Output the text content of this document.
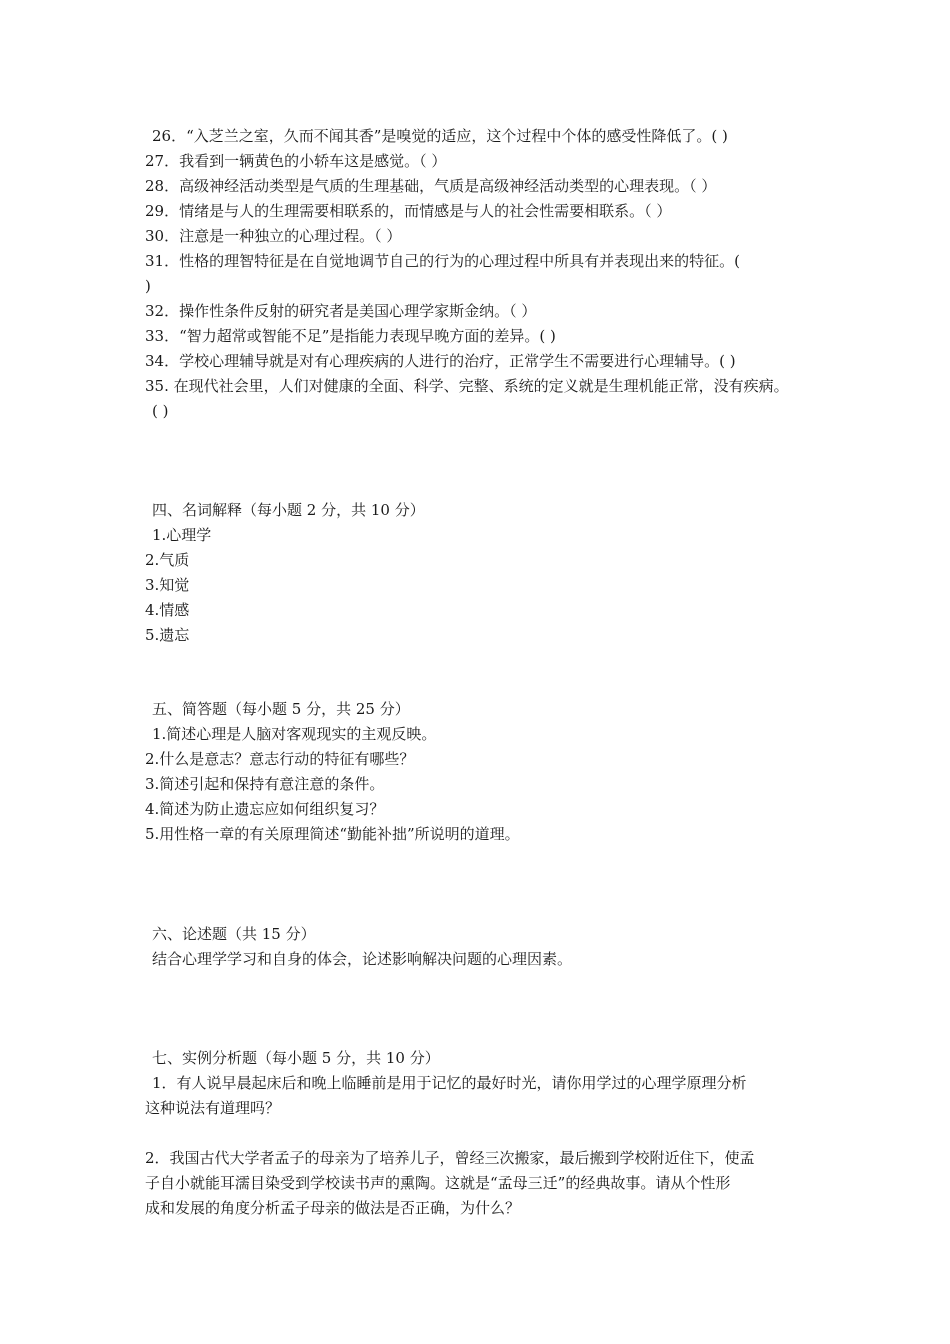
26．“入芝兰之室，久而不闻其香”是嗅觉的适应，这个过程中个体的感受性降低了。( )
27．我看到一辆黄色的小轿车这是感觉。（ ）
28．高级神经活动类型是气质的生理基础，气质是高级神经活动类型的心理表现。（ ）
29．情绪是与人的生理需要相联系的，而情感是与人的社会性需要相联系。（ ）
30．注意是一种独立的心理过程。（ ）
31．性格的理智特征是在自觉地调节自己的行为的心理过程中所具有并表现出来的特征。(
)
32．操作性条件反射的研究者是美国心理学家斯金纳。（ ）
33．“智力超常或智能不足”是指能力表现早晚方面的差异。( )
34．学校心理辅导就是对有心理疾病的人进行的治疗，正常学生不需要进行心理辅导。( )
35. 在现代社会里，人们对健康的全面、科学、完整、系统的定义就是生理机能正常，没有疾病。
( )
四、名词解释（每小题 2 分，共 10 分）
1.心理学
2.气质
3.知觉
4.情感
5.遗忘
五、简答题（每小题 5 分，共 25 分）
1.简述心理是人脑对客观现实的主观反映。
2.什么是意志？意志行动的特征有哪些？
3.简述引起和保持有意注意的条件。
4.简述为防止遗忘应如何组织复习？
5.用性格一章的有关原理简述“勤能补拙”所说明的道理。
六、论述题（共 15 分）
结合心理学学习和自身的体会，论述影响解决问题的心理因素。
七、实例分析题（每小题 5 分，共 10 分）
1．有人说早晨起床后和晚上临睡前是用于记忆的最好时光，请你用学过的心理学原理分析
这种说法有道理吗？
2．我国古代大学者孟子的母亲为了培养儿子，曾经三次搬家，最后搬到学校附近住下，使孟
子自小就能耳濡目染受到学校读书声的熏陶。这就是“孟母三迁”的经典故事。请从个性形
成和发展的角度分析孟子母亲的做法是否正确，为什么？
